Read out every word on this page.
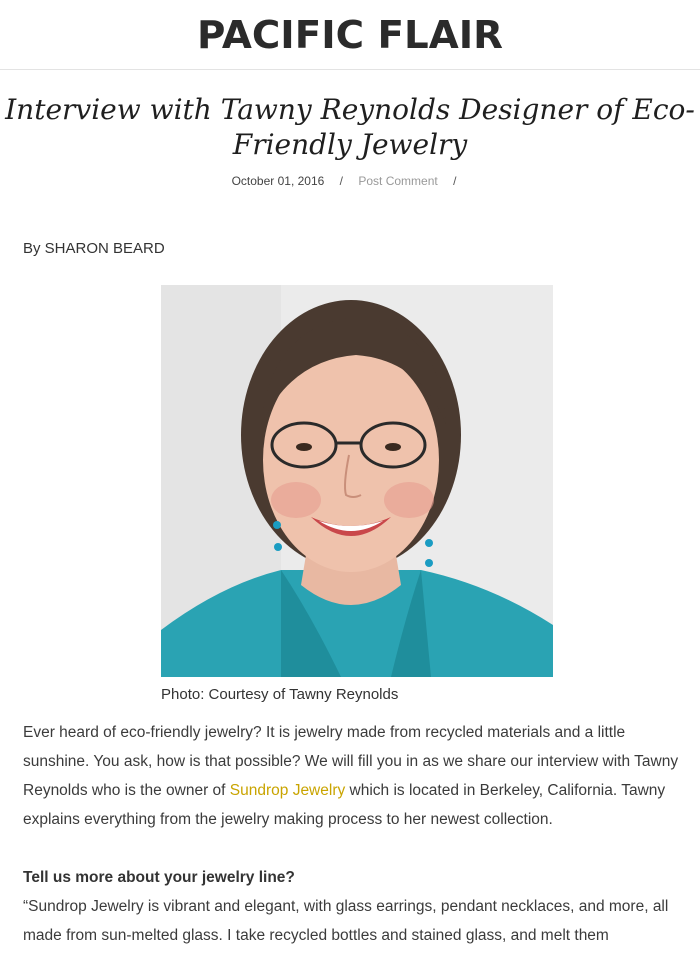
PACIFIC FLAIR
Interview with Tawny Reynolds Designer of Eco-Friendly Jewelry
October 01, 2016 / Post Comment /
By SHARON BEARD
Photo: Courtesy of Tawny Reynolds

Ever heard of eco-friendly jewelry? It is jewelry made from recycled materials and a little sunshine. You ask, how is that possible? We will fill you in as we share our interview with Tawny Reynolds who is the owner of Sundrop Jewelry which is located in Berkeley, California. Tawny explains everything from the jewelry making process to her newest collection.

Tell us more about your jewelry line?

“Sundrop Jewelry is vibrant and elegant, with glass earrings, pendant necklaces, and more, all made from sun-melted glass. I take recycled bottles and stained glass, and melt them
